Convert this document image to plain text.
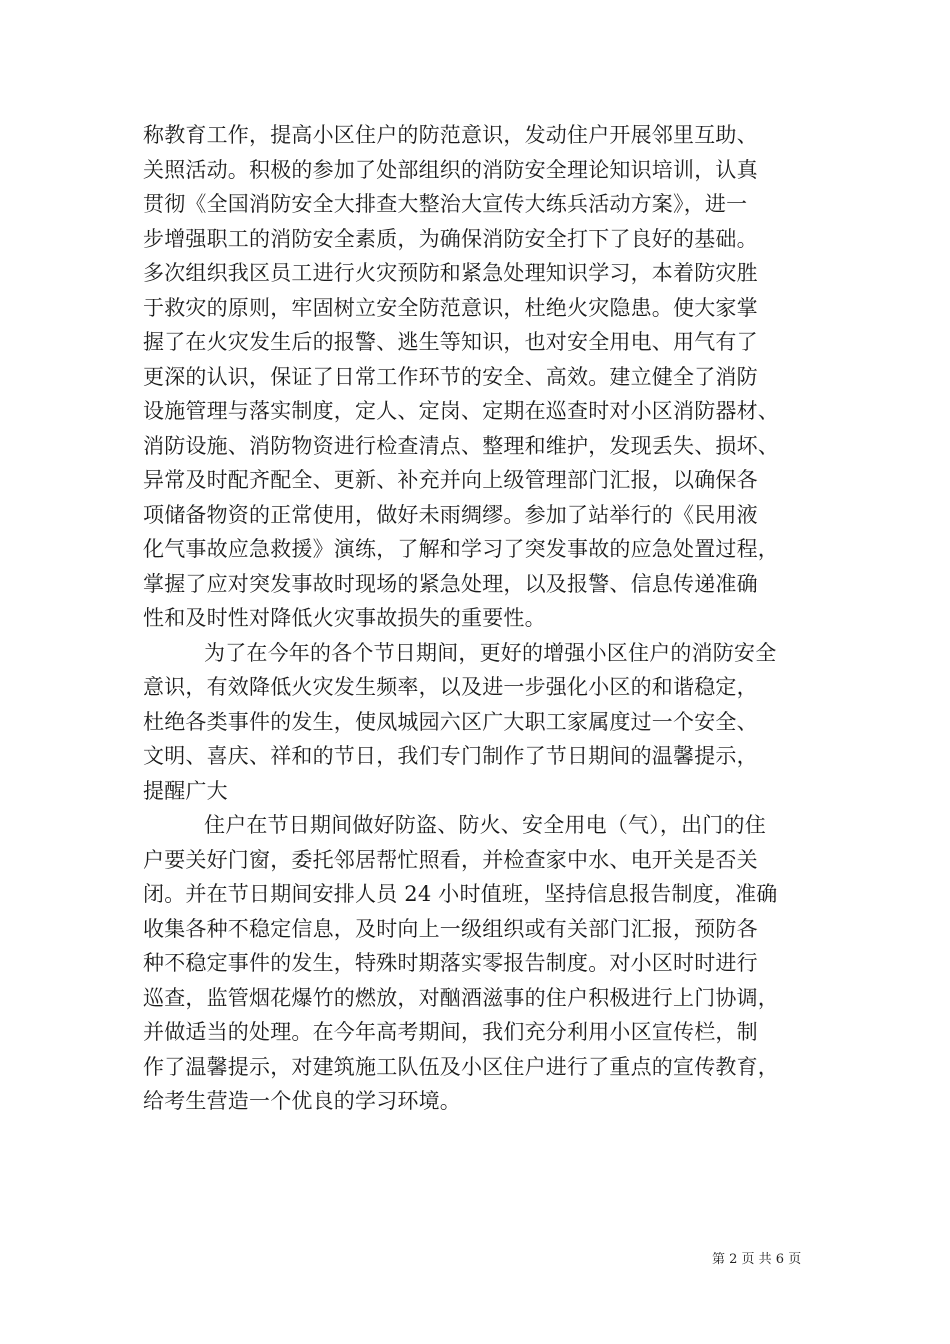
称教育工作，提高小区住户的防范意识，发动住户开展邻里互助、
关照活动。积极的参加了处部组织的消防安全理论知识培训，认真
贯彻《全国消防安全大排查大整治大宣传大练兵活动方案》，进一
步增强职工的消防安全素质，为确保消防安全打下了良好的基础。
多次组织我区员工进行火灾预防和紧急处理知识学习，本着防灾胜
于救灾的原则，牢固树立安全防范意识，杜绝火灾隐患。使大家掌
握了在火灾发生后的报警、逃生等知识，也对安全用电、用气有了
更深的认识，保证了日常工作环节的安全、高效。建立健全了消防
设施管理与落实制度，定人、定岗、定期在巡查时对小区消防器材、
消防设施、消防物资进行检查清点、整理和维护，发现丢失、损坏、
异常及时配齐配全、更新、补充并向上级管理部门汇报，以确保各
项储备物资的正常使用，做好未雨绸缪。参加了站举行的《民用液
化气事故应急救援》演练，了解和学习了突发事故的应急处置过程，
掌握了应对突发事故时现场的紧急处理，以及报警、信息传递准确
性和及时性对降低火灾事故损失的重要性。

为了在今年的各个节日期间，更好的增强小区住户的消防安全
意识，有效降低火灾发生频率，以及进一步强化小区的和谐稳定，
杜绝各类事件的发生，使凤城园六区广大职工家属度过一个安全、
文明、喜庆、祥和的节日，我们专门制作了节日期间的温馨提示，
提醒广大

住户在节日期间做好防盗、防火、安全用电（气），出门的住
户要关好门窗，委托邻居帮忙照看，并检查家中水、电开关是否关
闭。并在节日期间安排人员 24 小时值班，坚持信息报告制度，准确
收集各种不稳定信息，及时向上一级组织或有关部门汇报，预防各
种不稳定事件的发生，特殊时期落实零报告制度。对小区时时进行
巡查，监管烟花爆竹的燃放，对酗酒滋事的住户积极进行上门协调，
并做适当的处理。在今年高考期间，我们充分利用小区宣传栏，制
作了温馨提示，对建筑施工队伍及小区住户进行了重点的宣传教育，
给考生营造一个优良的学习环境。

第 2 页 共 6 页
